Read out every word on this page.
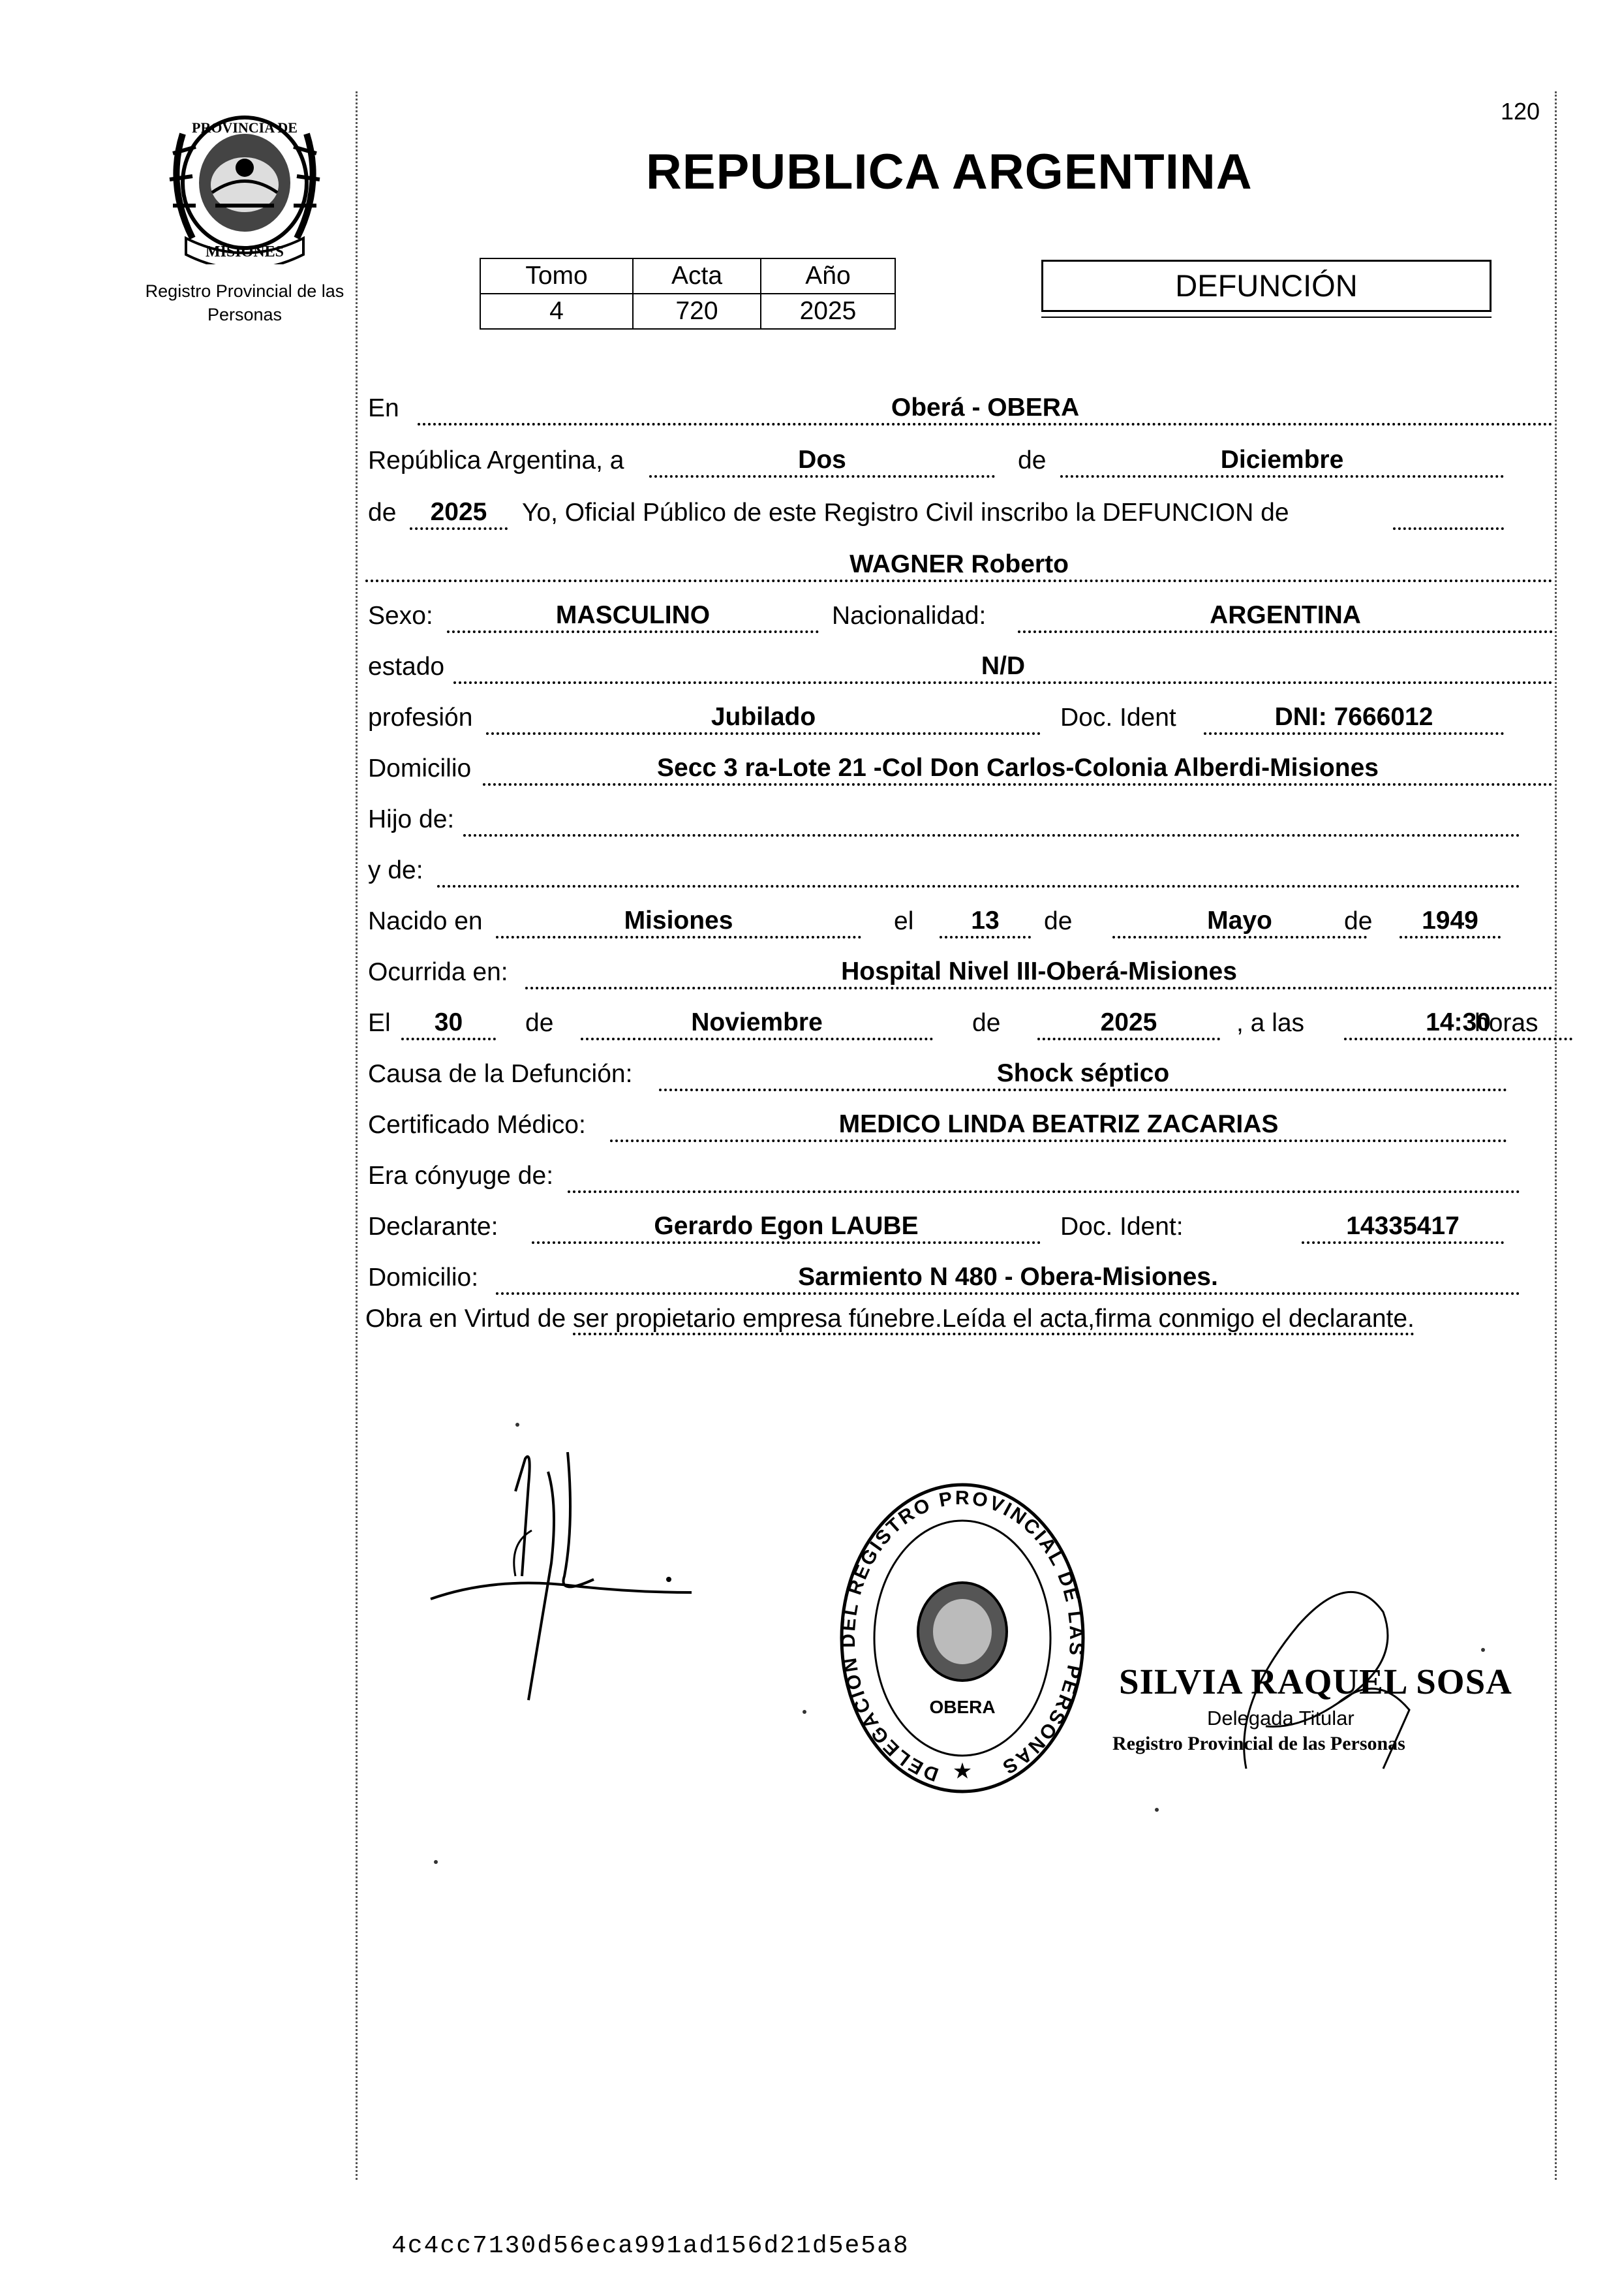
PROVINCIA DE
MISIONES
Registro Provincial de las Personas
120
REPUBLICA ARGENTINA
Tomo	Acta	Año
4	720	2025
DEFUNCIÓN
En	Oberá - OBERA
República Argentina, a	Dos	de	Diciembre
de	2025	Yo, Oficial Público de este Registro Civil inscribo la DEFUNCION de
WAGNER Roberto
Sexo:	MASCULINO	Nacionalidad:	ARGENTINA
estado	N/D
profesión	Jubilado	Doc. Ident	DNI: 7666012
Domicilio	Secc 3 ra-Lote 21 -Col Don Carlos-Colonia Alberdi-Misiones
Hijo de:
y de:
Nacido en	Misiones	el	13	de	Mayo	de	1949
Ocurrida en:	Hospital Nivel III-Oberá-Misiones
El	30	de	Noviembre	de	2025	, a las	14:30
horas
Causa de la Defunción:	Shock séptico
Certificado Médico:	MEDICO LINDA BEATRIZ ZACARIAS
Era cónyuge de:
Declarante:	Gerardo Egon LAUBE	Doc. Ident:	14335417
Domicilio:	Sarmiento N 480 - Obera-Misiones.
Obra en Virtud de ser propietario empresa fúnebre.Leída el acta,firma conmigo el declarante.
DELEGACION DEL REGISTRO PROVINCIAL DE LAS PERSONAS
OBERA
★
SILVIA RAQUEL SOSA
Delegada Titular
Registro Provincial de las Personas
4c4cc7130d56eca991ad156d21d5e5a8
